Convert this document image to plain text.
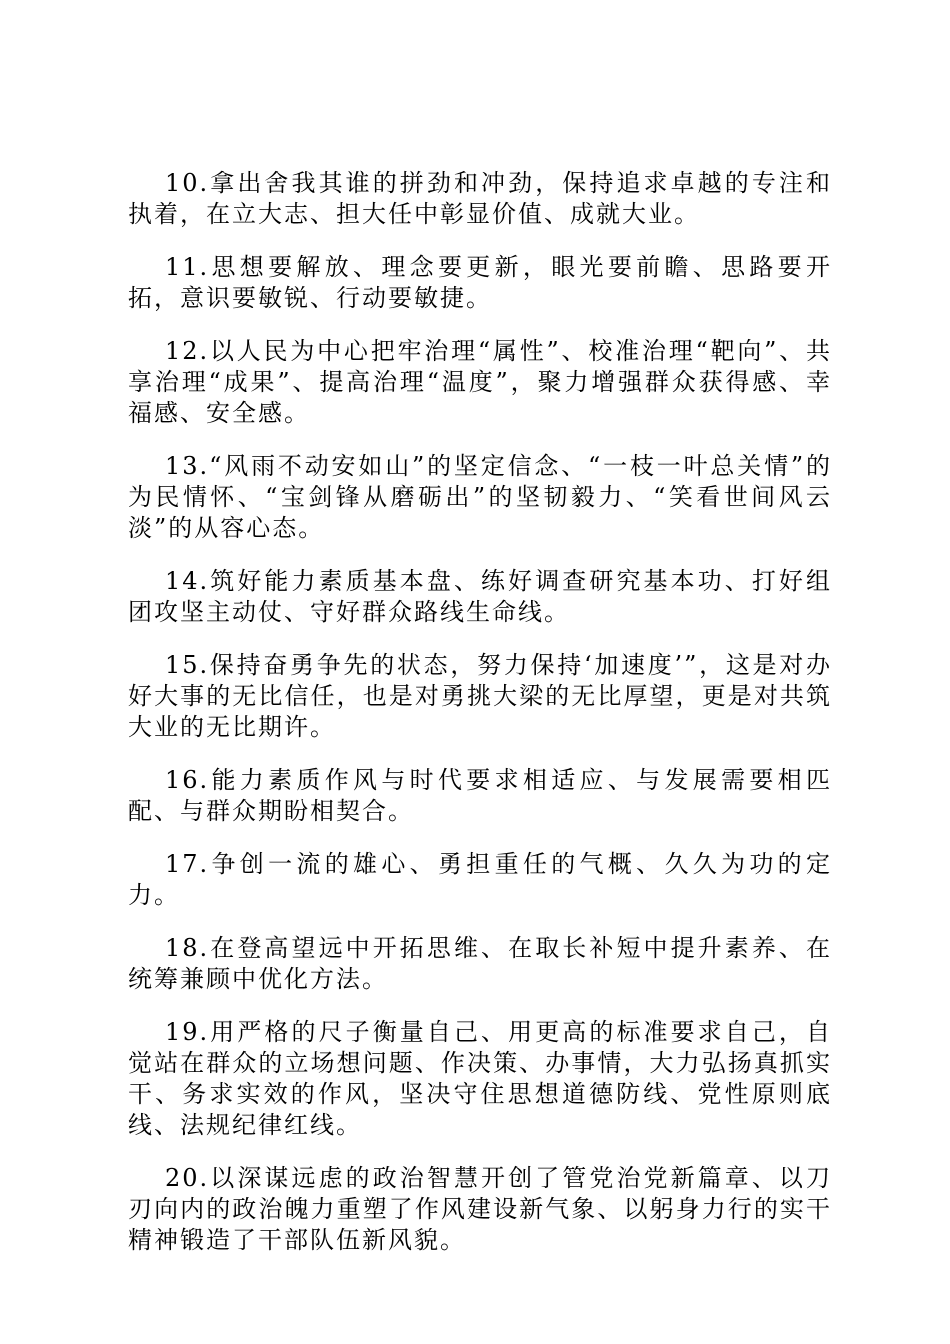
10.拿出舍我其谁的拼劲和冲劲，保持追求卓越的专注和执着，在立大志、担大任中彰显价值、成就大业。

11.思想要解放、理念要更新，眼光要前瞻、思路要开拓，意识要敏锐、行动要敏捷。

12.以人民为中心把牢治理“属性”、校准治理“靶向”、共享治理“成果”、提高治理“温度”，聚力增强群众获得感、幸福感、安全感。

13.“风雨不动安如山”的坚定信念、“一枝一叶总关情”的为民情怀、“宝剑锋从磨砺出”的坚韧毅力、“笑看世间风云淡”的从容心态。

14.筑好能力素质基本盘、练好调查研究基本功、打好组团攻坚主动仗、守好群众路线生命线。

15.保持奋勇争先的状态，努力保持‘加速度’”，这是对办好大事的无比信任，也是对勇挑大梁的无比厚望，更是对共筑大业的无比期许。

16.能力素质作风与时代要求相适应、与发展需要相匹配、与群众期盼相契合。

17.争创一流的雄心、勇担重任的气概、久久为功的定力。

18.在登高望远中开拓思维、在取长补短中提升素养、在统筹兼顾中优化方法。

19.用严格的尺子衡量自己、用更高的标准要求自己，自觉站在群众的立场想问题、作决策、办事情，大力弘扬真抓实干、务求实效的作风，坚决守住思想道德防线、党性原则底线、法规纪律红线。

20.以深谋远虑的政治智慧开创了管党治党新篇章、以刀刃向内的政治魄力重塑了作风建设新气象、以躬身力行的实干精神锻造了干部队伍新风貌。
